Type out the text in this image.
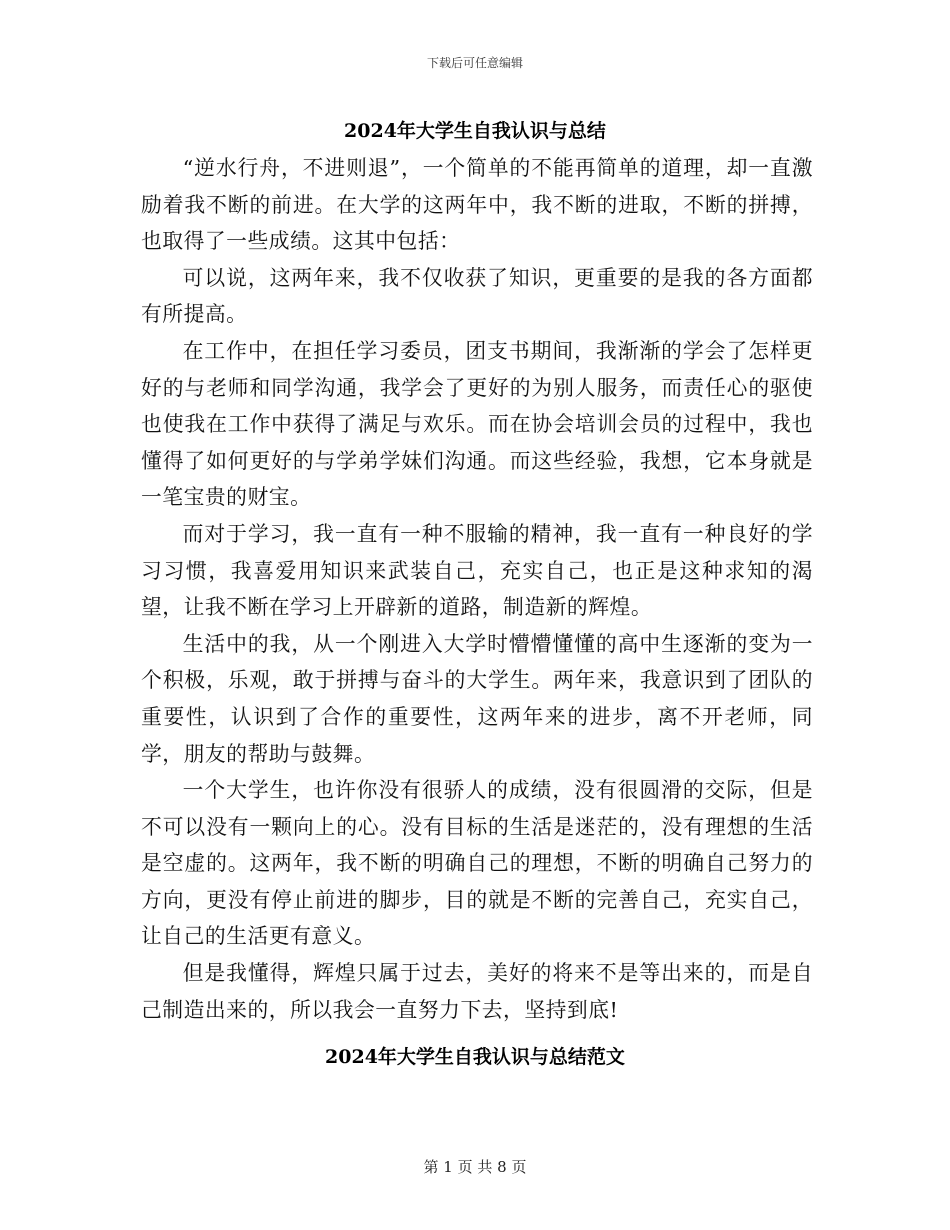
下载后可任意编辑
2024年大学生自我认识与总结

“逆水行舟，不进则退”，一个简单的不能再简单的道理，却一直激励着我不断的前进。在大学的这两年中，我不断的进取，不断的拼搏，也取得了一些成绩。这其中包括：

可以说，这两年来，我不仅收获了知识，更重要的是我的各方面都有所提高。

在工作中，在担任学习委员，团支书期间，我渐渐的学会了怎样更好的与老师和同学沟通，我学会了更好的为别人服务，而责任心的驱使也使我在工作中获得了满足与欢乐。而在协会培训会员的过程中，我也懂得了如何更好的与学弟学妹们沟通。而这些经验，我想，它本身就是一笔宝贵的财宝。

而对于学习，我一直有一种不服输的精神，我一直有一种良好的学习习惯，我喜爱用知识来武装自己，充实自己，也正是这种求知的渴望，让我不断在学习上开辟新的道路，制造新的辉煌。

生活中的我，从一个刚进入大学时懵懵懂懂的高中生逐渐的变为一个积极，乐观，敢于拼搏与奋斗的大学生。两年来，我意识到了团队的重要性，认识到了合作的重要性，这两年来的进步，离不开老师，同学，朋友的帮助与鼓舞。

一个大学生，也许你没有很骄人的成绩，没有很圆滑的交际，但是不可以没有一颗向上的心。没有目标的生活是迷茫的，没有理想的生活是空虚的。这两年，我不断的明确自己的理想，不断的明确自己努力的方向，更没有停止前进的脚步，目的就是不断的完善自己，充实自己，让自己的生活更有意义。

但是我懂得，辉煌只属于过去，美好的将来不是等出来的，而是自己制造出来的，所以我会一直努力下去，坚持到底!

2024年大学生自我认识与总结范文
第 1 页 共 8 页
